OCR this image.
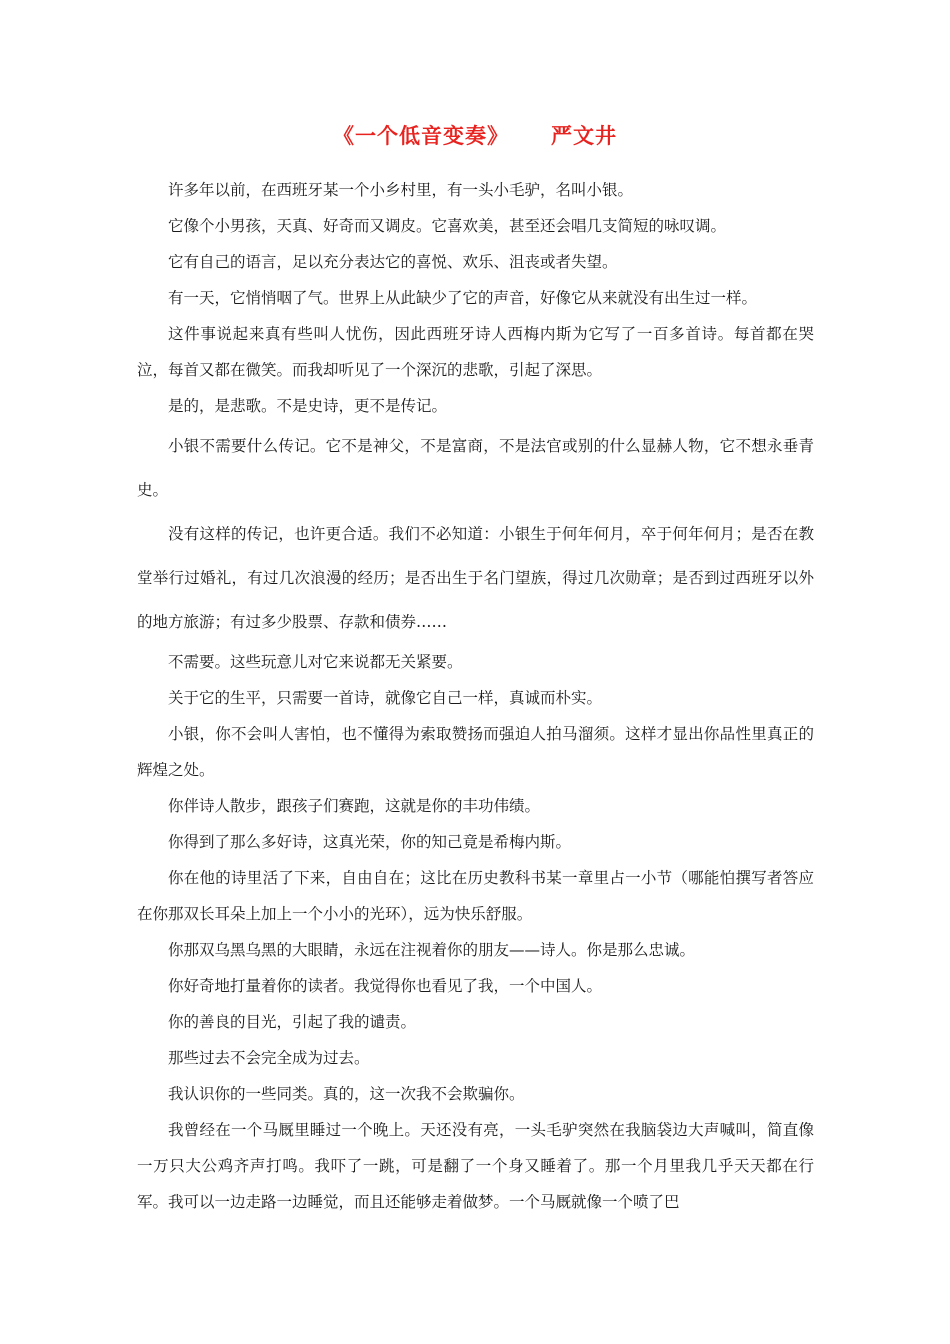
《一个低音变奏》 严文井

许多年以前，在西班牙某一个小乡村里，有一头小毛驴，名叫小银。

它像个小男孩，天真、好奇而又调皮。它喜欢美，甚至还会唱几支简短的咏叹调。

它有自己的语言，足以充分表达它的喜悦、欢乐、沮丧或者失望。

有一天，它悄悄咽了气。世界上从此缺少了它的声音，好像它从来就没有出生过一样。

这件事说起来真有些叫人忧伤，因此西班牙诗人西梅内斯为它写了一百多首诗。每首都在哭泣，每首又都在微笑。而我却听见了一个深沉的悲歌，引起了深思。

是的，是悲歌。不是史诗，更不是传记。

小银不需要什么传记。它不是神父，不是富商，不是法官或别的什么显赫人物，它不想永垂青史。

没有这样的传记，也许更合适。我们不必知道：小银生于何年何月，卒于何年何月；是否在教堂举行过婚礼，有过几次浪漫的经历；是否出生于名门望族，得过几次勋章；是否到过西班牙以外的地方旅游；有过多少股票、存款和债券……

不需要。这些玩意儿对它来说都无关紧要。

关于它的生平，只需要一首诗，就像它自己一样，真诚而朴实。

小银，你不会叫人害怕，也不懂得为索取赞扬而强迫人拍马溜须。这样才显出你品性里真正的辉煌之处。

你伴诗人散步，跟孩子们赛跑，这就是你的丰功伟绩。

你得到了那么多好诗，这真光荣，你的知己竟是希梅内斯。

你在他的诗里活了下来，自由自在；这比在历史教科书某一章里占一小节（哪能怕撰写者答应在你那双长耳朵上加上一个小小的光环），远为快乐舒服。

你那双乌黑乌黑的大眼睛，永远在注视着你的朋友——诗人。你是那么忠诚。

你好奇地打量着你的读者。我觉得你也看见了我，一个中国人。

你的善良的目光，引起了我的谴责。

那些过去不会完全成为过去。

我认识你的一些同类。真的，这一次我不会欺骗你。

我曾经在一个马厩里睡过一个晚上。天还没有亮，一头毛驴突然在我脑袋边大声喊叫，简直像一万只大公鸡齐声打鸣。我吓了一跳，可是翻了一个身又睡着了。那一个月里我几乎天天都在行军。我可以一边走路一边睡觉，而且还能够走着做梦。一个马厩就像一个喷了巴
